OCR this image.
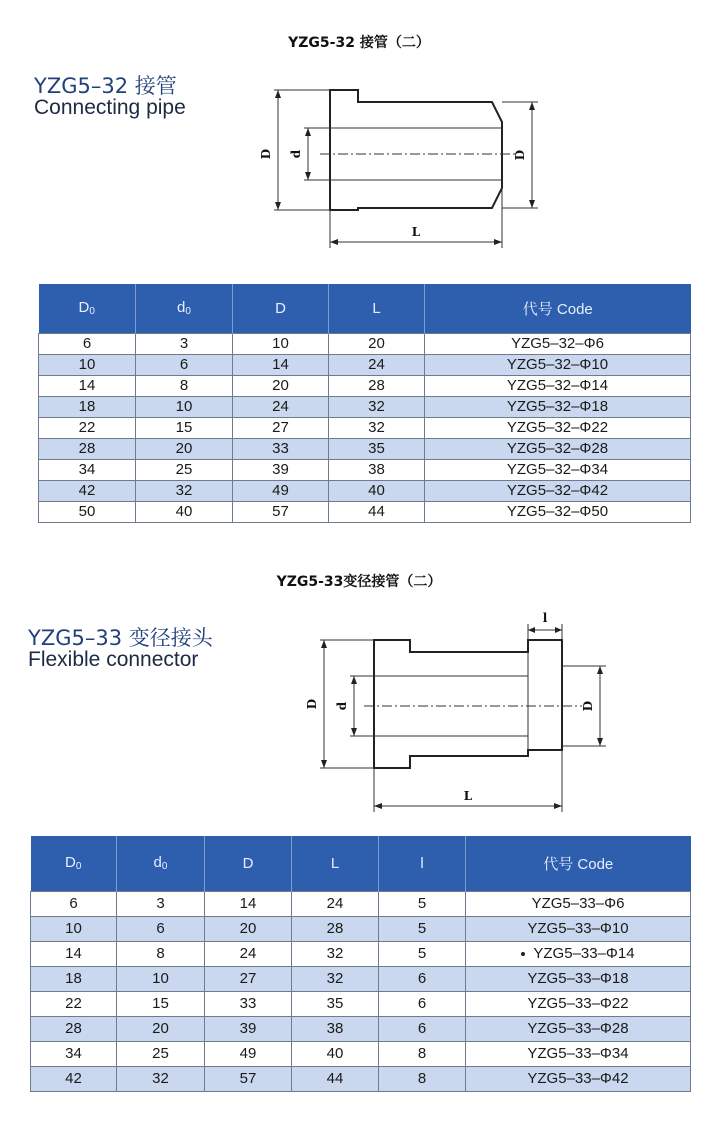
YZG5-32 接管（二）
YZG5–32 接管
Connecting pipe
D d	D
L
$D_0$	$d_0$	D	L	代号 Code
6	3	10	20	YZG5–32–Φ6
10	6	14	24	YZG5–32–Φ10
14	8	20	28	YZG5–32–Φ14
18	10	24	32	YZG5–32–Φ18
22	15	27	32	YZG5–32–Φ22
28	20	33	35	YZG5–32–Φ28
34	25	39	38	YZG5–32–Φ34
42	32	49	40	YZG5–32–Φ42
50	40	57	44	YZG5–32–Φ50
YZG5-33变径接管（二）
YZG5–33 变径接头
Flexible connector
D d	D
l
L
$D_0$	$d_0$	D	L	l	代号 Code
6	3	14	24	5	YZG5–33–Φ6
10	6	20	28	5	YZG5–33–Φ10
14	8	24	32	5	YZG5–33–Φ14
18	10	27	32	6	YZG5–33–Φ18
22	15	33	35	6	YZG5–33–Φ22
28	20	39	38	6	YZG5–33–Φ28
34	25	49	40	8	YZG5–33–Φ34
42	32	57	44	8	YZG5–33–Φ42
